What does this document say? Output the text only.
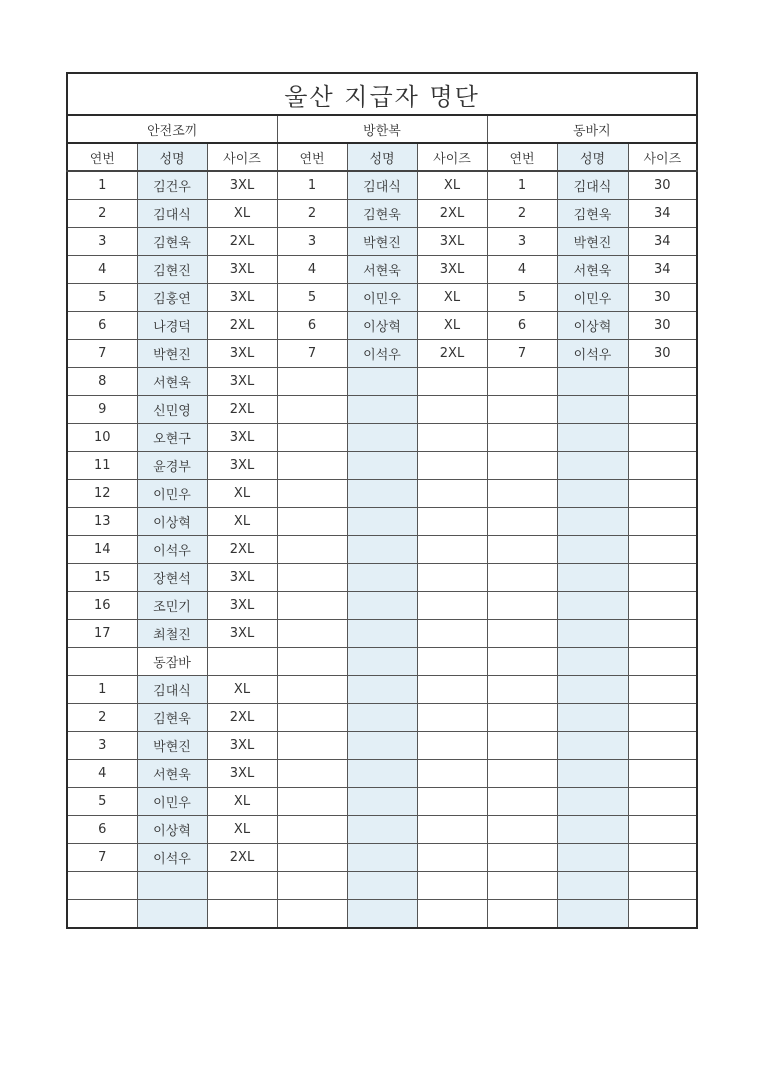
울산 지급자 명단								
안전조끼			방한복			동바지		
연번	성명	사이즈	연번	성명	사이즈	연번	성명	사이즈
1	김건우	3XL	1	김대식	XL	1	김대식	30
2	김대식	XL	2	김현욱	2XL	2	김현욱	34
3	김현욱	2XL	3	박현진	3XL	3	박현진	34
4	김현진	3XL	4	서현욱	3XL	4	서현욱	34
5	김홍연	3XL	5	이민우	XL	5	이민우	30
6	나경덕	2XL	6	이상혁	XL	6	이상혁	30
7	박현진	3XL	7	이석우	2XL	7	이석우	30
8	서현욱	3XL						
9	신민영	2XL						
10	오현구	3XL						
11	윤경부	3XL						
12	이민우	XL						
13	이상혁	XL						
14	이석우	2XL						
15	장현석	3XL						
16	조민기	3XL						
17	최철진	3XL						
	동잠바							
1	김대식	XL						
2	김현욱	2XL						
3	박현진	3XL						
4	서현욱	3XL						
5	이민우	XL						
6	이상혁	XL						
7	이석우	2XL						
